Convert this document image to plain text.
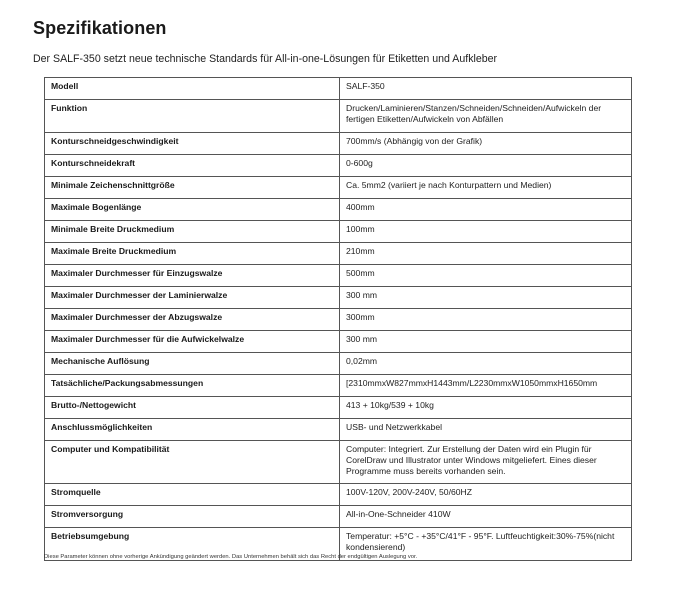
Spezifikationen

Der SALF-350 setzt neue technische Standards für All-in-one-Lösungen für Etiketten und Aufkleber

Modell	SALF-350
Funktion	Drucken/Laminieren/Stanzen/Schneiden/Schneiden/Aufwickeln der fertigen Etiketten/Aufwickeln von Abfällen
Konturschneidgeschwindigkeit	700mm/s (Abhängig von der Grafik)
Konturschneidekraft	0-600g
Minimale Zeichenschnittgröße	Ca. 5mm2 (variiert je nach Konturpattern und Medien)
Maximale Bogenlänge	400mm
Minimale Breite Druckmedium	100mm
Maximale Breite Druckmedium	210mm
Maximaler Durchmesser für Einzugswalze	500mm
Maximaler Durchmesser der Laminierwalze	300 mm
Maximaler Durchmesser der Abzugswalze	300mm
Maximaler Durchmesser für die Aufwickelwalze	300 mm
Mechanische Auflösung	0,02mm
Tatsächliche/Packungsabmessungen	[2310mmxW827mmxH1443mm/L2230mmxW1050mmxH1650mm
Brutto-/Nettogewicht	413 + 10kg/539 + 10kg
Anschlussmöglichkeiten	USB- und Netzwerkkabel
Computer und Kompatibilität	Computer: Integriert. Zur Erstellung der Daten wird ein Plugin für CorelDraw und Illustrator unter Windows mitgeliefert. Eines dieser Programme muss bereits vorhanden sein.
Stromquelle	100V-120V, 200V-240V, 50/60HZ
Stromversorgung	All-in-One-Schneider 410W
Betriebsumgebung	Temperatur: +5°C - +35°C/41°F - 95°F. Luftfeuchtigkeit:30%-75%(nicht kondensierend)

Diese Parameter können ohne vorherige Ankündigung geändert werden. Das Unternehmen behält sich das Recht der endgültigen Auslegung vor.
